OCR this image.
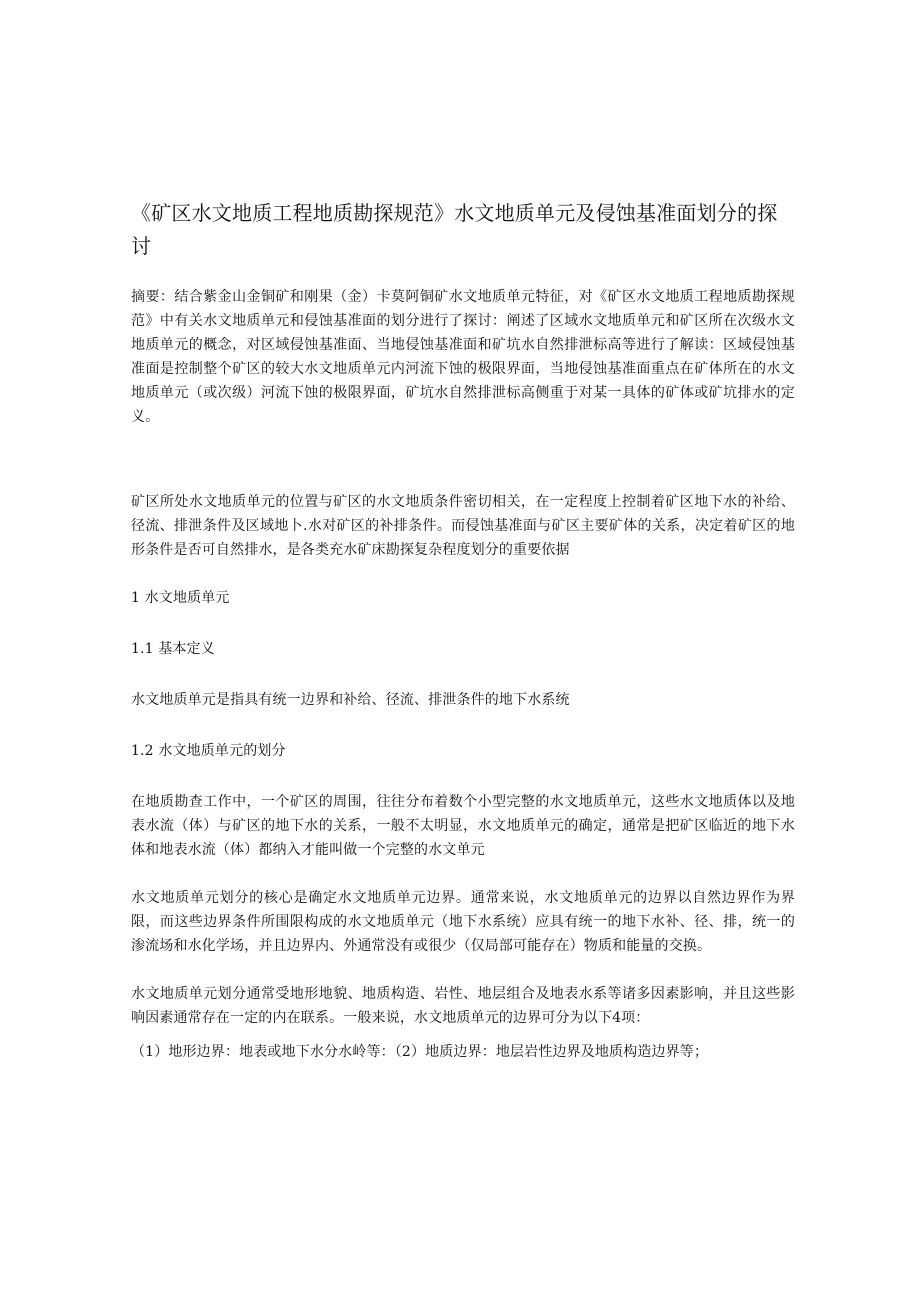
《矿区水文地质工程地质勘探规范》水文地质单元及侵蚀基准面划分的探讨

摘要：结合紫金山金铜矿和刚果（金）卡莫阿铜矿水文地质单元特征，对《矿区水文地质工程地质勘探规范》中有关水文地质单元和侵蚀基准面的划分进行了探讨：阐述了区域水文地质单元和矿区所在次级水文地质单元的概念，对区域侵蚀基准面、当地侵蚀基准面和矿坑水自然排泄标高等进行了解读：区域侵蚀基准面是控制整个矿区的较大水文地质单元内河流下蚀的极限界面，当地侵蚀基准面重点在矿体所在的水文地质单元（或次级）河流下蚀的极限界面，矿坑水自然排泄标高侧重于对某一具体的矿体或矿坑排水的定义。

矿区所处水文地质单元的位置与矿区的水文地质条件密切相关，在一定程度上控制着矿区地下水的补给、径流、排泄条件及区域地卜.水对矿区的补排条件。而侵蚀基准面与矿区主要矿体的关系，决定着矿区的地形条件是否可自然排水，是各类充水矿床勘探复杂程度划分的重要依据

1 水文地质单元

1.1 基本定义

水文地质单元是指具有统一边界和补给、径流、排泄条件的地下水系统

1.2 水文地质单元的划分

在地质勘查工作中，一个矿区的周围，往往分布着数个小型完整的水文地质单元，这些水文地质体以及地表水流（体）与矿区的地下水的关系，一般不太明显，水文地质单元的确定，通常是把矿区临近的地下水体和地表水流（体）都纳入才能叫做一个完整的水文单元

水文地质单元划分的核心是确定水文地质单元边界。通常来说，水文地质单元的边界以自然边界作为界限，而这些边界条件所围限构成的水文地质单元（地下水系统）应具有统一的地下水补、径、排，统一的渗流场和水化学场，并且边界内、外通常没有或很少（仅局部可能存在）物质和能量的交换。

水文地质单元划分通常受地形地貌、地质构造、岩性、地层组合及地表水系等诸多因素影响，并且这些影响因素通常存在一定的内在联系。一般来说，水文地质单元的边界可分为以下4项：

（1）地形边界：地表或地下水分水岭等：（2）地质边界：地层岩性边界及地质构造边界等；
